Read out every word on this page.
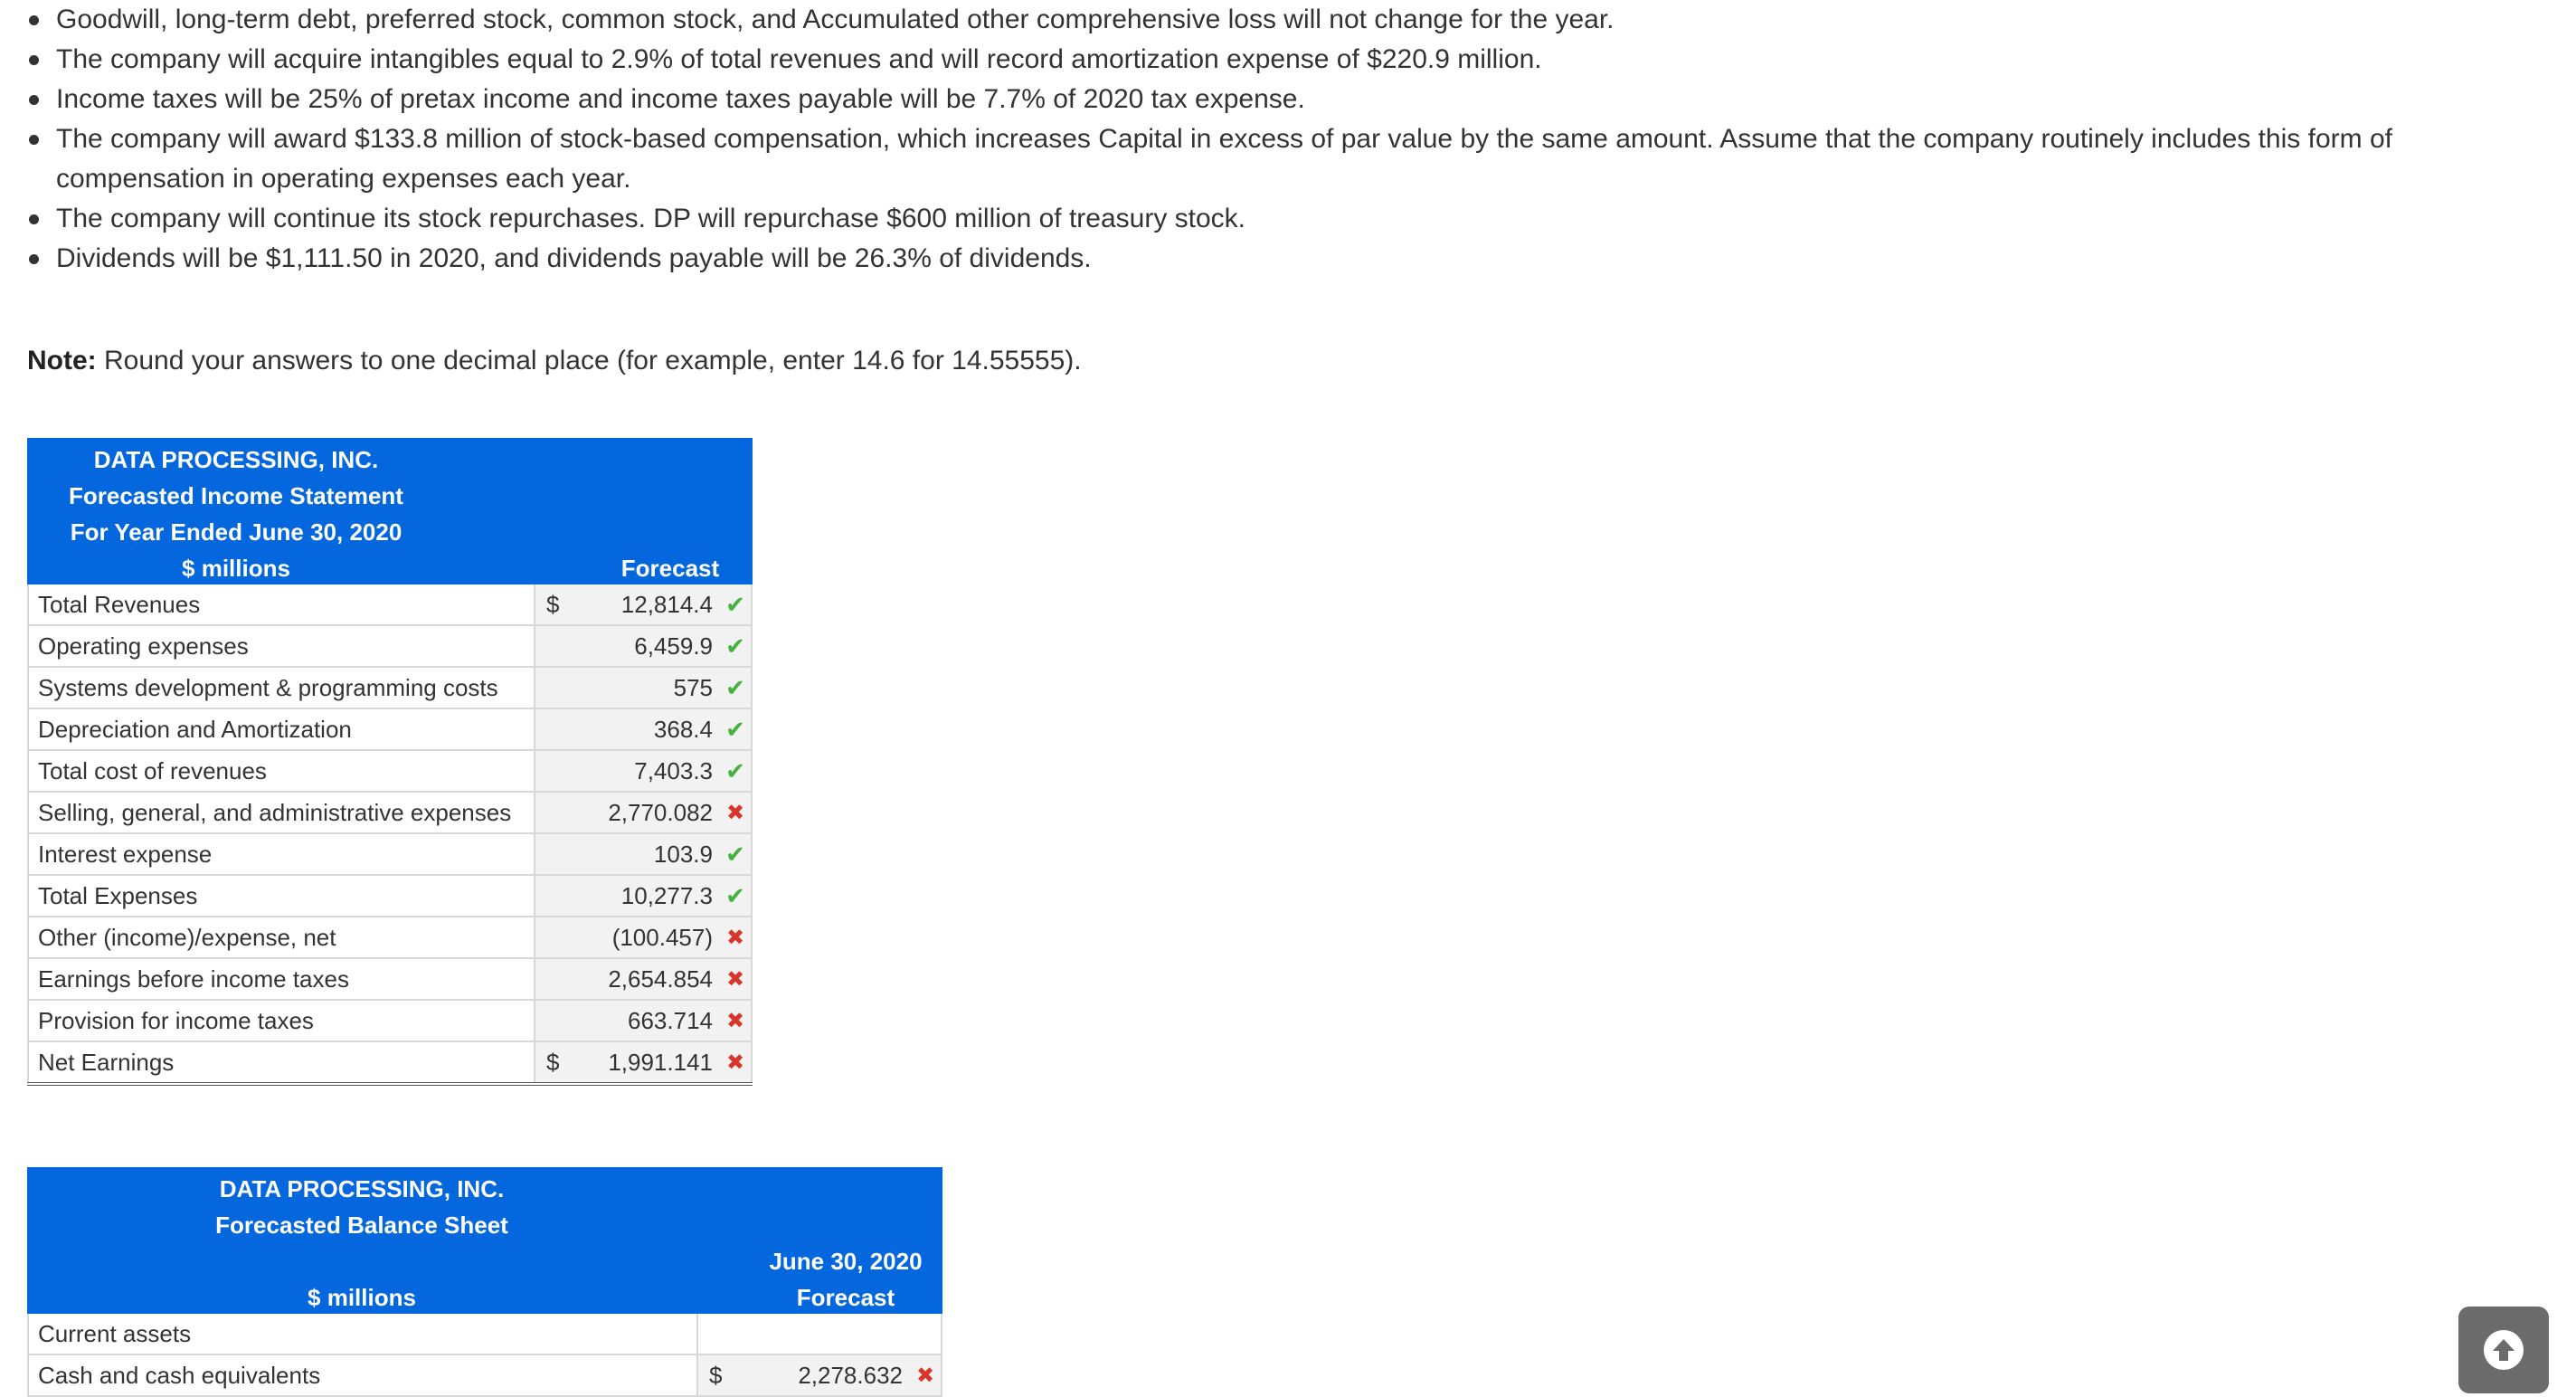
Goodwill, long-term debt, preferred stock, common stock, and Accumulated other comprehensive loss will not change for the year.
The company will acquire intangibles equal to 2.9% of total revenues and will record amortization expense of $220.9 million.
Income taxes will be 25% of pretax income and income taxes payable will be 7.7% of 2020 tax expense.
The company will award $133.8 million of stock-based compensation, which increases Capital in excess of par value by the same amount. Assume that the company routinely includes this form of compensation in operating expenses each year.
The company will continue its stock repurchases. DP will repurchase $600 million of treasury stock.
Dividends will be $1,111.50 in 2020, and dividends payable will be 26.3% of dividends.
Note: Round your answers to one decimal place (for example, enter 14.6 for 14.55555).
DATA PROCESSING, INC.
Forecasted Income Statement
For Year Ended June 30, 2020
$ millions	Forecast
Total Revenues	$	12,814.4 ✔
Operating expenses	6,459.9 ✔
Systems development & programming costs	575 ✔
Depreciation and Amortization	368.4 ✔
Total cost of revenues	7,403.3 ✔
Selling, general, and administrative expenses	2,770.082 ✖
Interest expense	103.9 ✔
Total Expenses	10,277.3 ✔
Other (income)/expense, net	(100.457) ✖
Earnings before income taxes	2,654.854 ✖
Provision for income taxes	663.714 ✖
Net Earnings	$	1,991.141 ✖
DATA PROCESSING, INC.
Forecasted Balance Sheet
$ millions
June 30, 2020
Forecast
Current assets
Cash and cash equivalents	$	2,278.632 ✖
